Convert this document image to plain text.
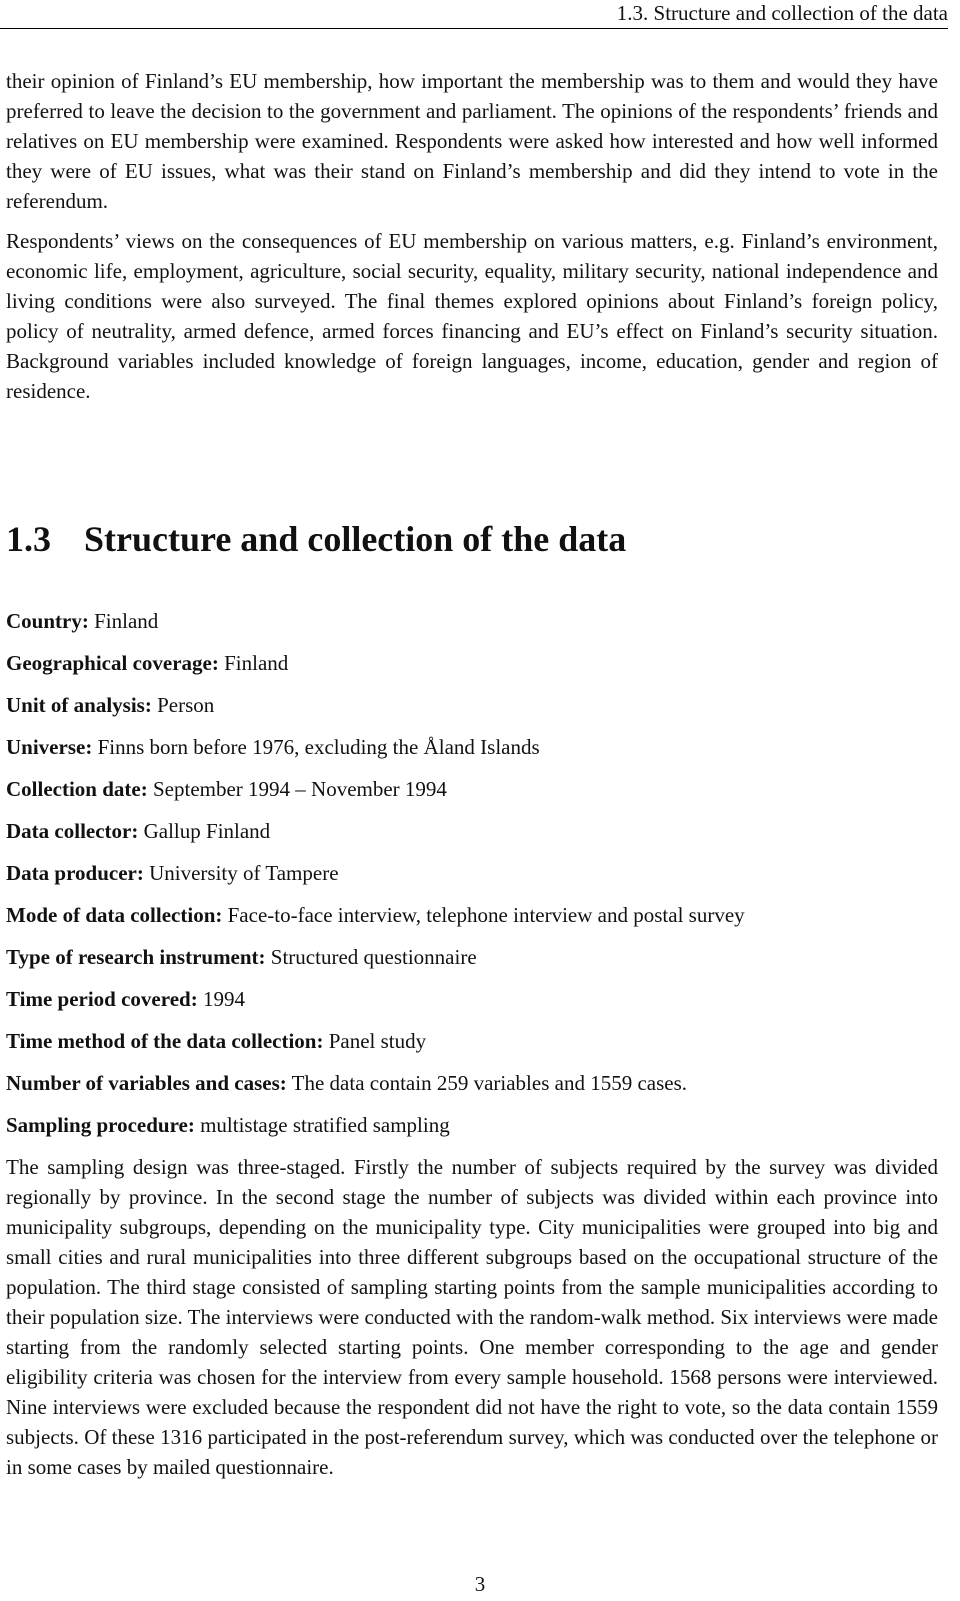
1.3. Structure and collection of the data

their opinion of Finland’s EU membership, how important the membership was to them and would they have preferred to leave the decision to the government and parliament. The opinions of the respondents’ friends and relatives on EU membership were examined. Respondents were asked how interested and how well informed they were of EU issues, what was their stand on Finland’s membership and did they intend to vote in the referendum.

Respondents’ views on the consequences of EU membership on various matters, e.g. Finland’s environment, economic life, employment, agriculture, social security, equality, military security, national independence and living conditions were also surveyed. The final themes explored opinions about Finland’s foreign policy, policy of neutrality, armed defence, armed forces financing and EU’s effect on Finland’s security situation. Background variables included knowledge of foreign languages, income, education, gender and region of residence.

1.3 Structure and collection of the data
Country: Finland
Geographical coverage: Finland
Unit of analysis: Person
Universe: Finns born before 1976, excluding the Åland Islands
Collection date: September 1994 – November 1994
Data collector: Gallup Finland
Data producer: University of Tampere
Mode of data collection: Face-to-face interview, telephone interview and postal survey
Type of research instrument: Structured questionnaire
Time period covered: 1994
Time method of the data collection: Panel study
Number of variables and cases: The data contain 259 variables and 1559 cases.
Sampling procedure: multistage stratified sampling

The sampling design was three-staged. Firstly the number of subjects required by the survey was divided regionally by province. In the second stage the number of subjects was divided within each province into municipality subgroups, depending on the municipality type. City municipalities were grouped into big and small cities and rural municipalities into three different subgroups based on the occupational structure of the population. The third stage consisted of sampling starting points from the sample municipalities according to their population size. The interviews were conducted with the random-walk method. Six interviews were made starting from the randomly selected starting points. One member corresponding to the age and gender eligibility criteria was chosen for the interview from every sample household. 1568 persons were interviewed. Nine interviews were excluded because the respondent did not have the right to vote, so the data contain 1559 subjects. Of these 1316 participated in the post-referendum survey, which was conducted over the telephone or in some cases by mailed questionnaire.

3
